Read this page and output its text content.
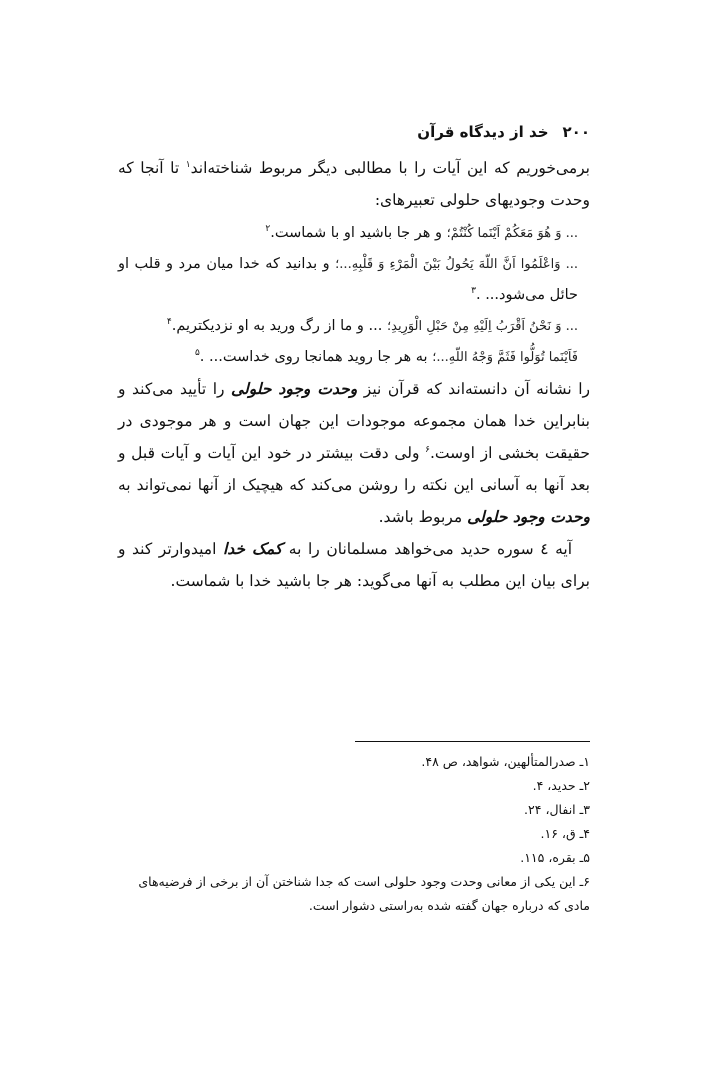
۲۰۰
خد از دیدگاه قرآن

برمی‌خوریم که این آیات را با مطالبی دیگر مربوط شناخته‌اند$^۱$ تا آنجا که وحدت وجودیهای حلولی تعبیرهای:

... وَ هُوَ مَعَكُمْ اَيْنَما كُنْتُمْ؛ و هر جا باشید او با شماست.$^۲$

... وَاعْلَمُوا اَنَّ اللّهَ يَحُولُ بَيْنَ الْمَرْءِ وَ قَلْبِهِ...؛ و بدانید که خدا میان مرد و قلب او حائل می‌شود... .$^۳$

... وَ نَحْنُ اَقْرَبُ اِلَيْهِ مِنْ حَبْلِ الْوَرِيدِ؛ ... و ما از رگ ورید به او نزدیکتریم.$^۴$

فَاَيْنَما تُوَلُّوا فَثَمَّ وَجْهُ اللّهِ...؛ به هر جا روید همانجا روی خداست... .$^۵$

را نشانه آن دانسته‌اند که قرآن نیز وحدت وجود حلولی را تأیید می‌کند و بنابراین خدا همان مجموعه موجودات این جهان است و هر موجودی در حقیقت بخشی از اوست.$^۶$ ولی دقت بیشتر در خود این آیات و آیات قبل و بعد آنها به آسانی این نکته را روشن می‌کند که هیچیک از آنها نمی‌تواند به وحدت وجود حلولی مربوط باشد.

آیه ٤ سوره حدید می‌خواهد مسلمانان را به کمک خدا امیدوارتر کند و برای بیان این مطلب به آنها می‌گوید: هر جا باشید خدا با شماست.

۱ـ صدرالمتألهین، شواهد، ص ۴۸.

۲ـ حدید، ۴.

۳ـ انفال، ۲۴.

۴ـ ق، ۱۶.

۵ـ بقره، ۱۱۵.

۶ـ این یکی از معانی وحدت وجود حلولی است که جدا شناختن آن از برخی از فرضیه‌های مادی که درباره جهان گفته شده به‌راستی دشوار است.
